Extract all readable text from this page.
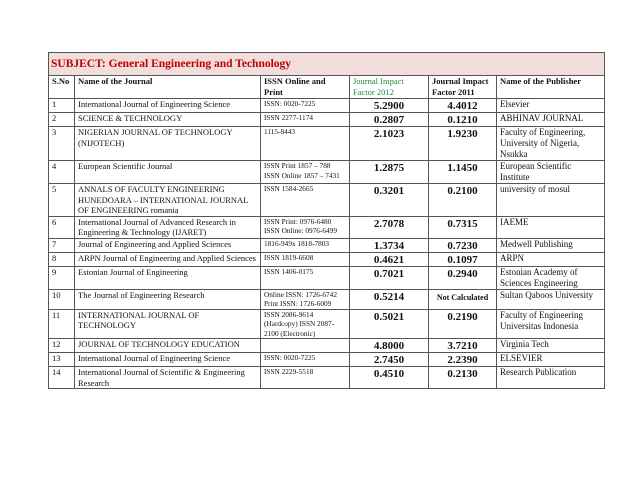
SUBJECT: General Engineering and Technology					
S.No	Name of the Journal	ISSN Online and Print	Journal Impact Factor 2012	Journal Impact Factor 2011	Name of the Publisher
1	International Journal of Engineering Science	ISSN: 0020-7225	5.2900	4.4012	Elsevier
2	SCIENCE & TECHNOLOGY	ISSN 2277-1174	0.2807	0.1210	ABHINAV JOURNAL
3	NIGERIAN JOURNAL OF TECHNOLOGY (NIJOTECH)	1115-8443	2.1023	1.9230	Faculty of Engineering, University of Nigeria, Nsukka
4	European Scientific Journal	ISSN Print 1857 – 788 ISSN Online 1857 – 7431	1.2875	1.1450	European Scientific Institute
5	ANNALS OF FACULTY ENGINEERING HUNEDOARA – INTERNATIONAL JOURNAL OF ENGINEERING romania	ISSN 1584-2665	0.3201	0.2100	university of mosul
6	International Journal of Advanced Research in Engineering & Technology (IJARET)	ISSN Print: 0976-6480 ISSN Online: 0976-6499	2.7078	0.7315	IAEME
7	Journal of Engineering and Applied Sciences	1816-949x 1818-7803	1.3734	0.7230	Medwell Publishing
8	ARPN Journal of Engineering and Applied Sciences	ISSN 1819-6608	0.4621	0.1097	ARPN
9	Estonian Journal of Engineering	ISSN 1406-0175	0.7021	0.2940	Estonian Academy of Sciences Engineering
10	The Journal of Engineering Research	Online ISSN: 1726-6742 Print ISSN: 1726-6009	0.5214	Not Calculated	Sultan Qaboos University
11	INTERNATIONAL JOURNAL OF TECHNOLOGY	ISSN 2086-9614 (Hardcopy) ISSN 2087-2100 (Electronic)	0.5021	0.2190	Faculty of Engineering Universitas Indonesia
12	JOURNAL OF TECHNOLOGY EDUCATION		4.8000	3.7210	Virginia Tech
13	International Journal of Engineering Science	ISSN: 0020-7225	2.7450	2.2390	ELSEVIER
14	International Journal of Scientific & Engineering Research	ISSN 2229-5518	0.4510	0.2130	Research Publication
